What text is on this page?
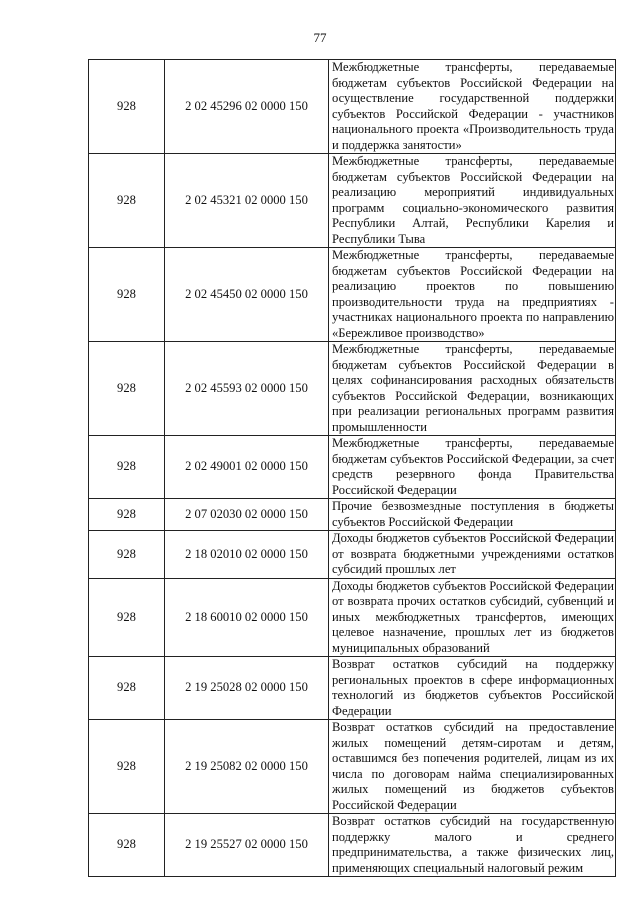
77
928	2 02 45296 02 0000 150	Межбюджетные трансферты, передаваемые бюджетам субъектов Российской Федерации на осуществление государственной поддержки субъектов Российской Федерации - участников национального проекта «Производительность труда и поддержка занятости»
928	2 02 45321 02 0000 150	Межбюджетные трансферты, передаваемые бюджетам субъектов Российской Федерации на реализацию мероприятий индивидуальных программ социально-экономического развития Республики Алтай, Республики Карелия и Республики Тыва
928	2 02 45450 02 0000 150	Межбюджетные трансферты, передаваемые бюджетам субъектов Российской Федерации на реализацию проектов по повышению производительности труда на предприятиях - участниках национального проекта по направлению «Бережливое производство»
928	2 02 45593 02 0000 150	Межбюджетные трансферты, передаваемые бюджетам субъектов Российской Федерации в целях софинансирования расходных обязательств субъектов Российской Федерации, возникающих при реализации региональных программ развития промышленности
928	2 02 49001 02 0000 150	Межбюджетные трансферты, передаваемые бюджетам субъектов Российской Федерации, за счет средств резервного фонда Правительства Российской Федерации
928	2 07 02030 02 0000 150	Прочие безвозмездные поступления в бюджеты субъектов Российской Федерации
928	2 18 02010 02 0000 150	Доходы бюджетов субъектов Российской Федерации от возврата бюджетными учреждениями остатков субсидий прошлых лет
928	2 18 60010 02 0000 150	Доходы бюджетов субъектов Российской Федерации от возврата прочих остатков субсидий, субвенций и иных межбюджетных трансфертов, имеющих целевое назначение, прошлых лет из бюджетов муниципальных образований
928	2 19 25028 02 0000 150	Возврат остатков субсидий на поддержку региональных проектов в сфере информационных технологий из бюджетов субъектов Российской Федерации
928	2 19 25082 02 0000 150	Возврат остатков субсидий на предоставление жилых помещений детям-сиротам и детям, оставшимся без попечения родителей, лицам из их числа по договорам найма специализированных жилых помещений из бюджетов субъектов Российской Федерации
928	2 19 25527 02 0000 150	Возврат остатков субсидий на государственную поддержку малого и среднего предпринимательства, а также физических лиц, применяющих специальный налоговый режим
